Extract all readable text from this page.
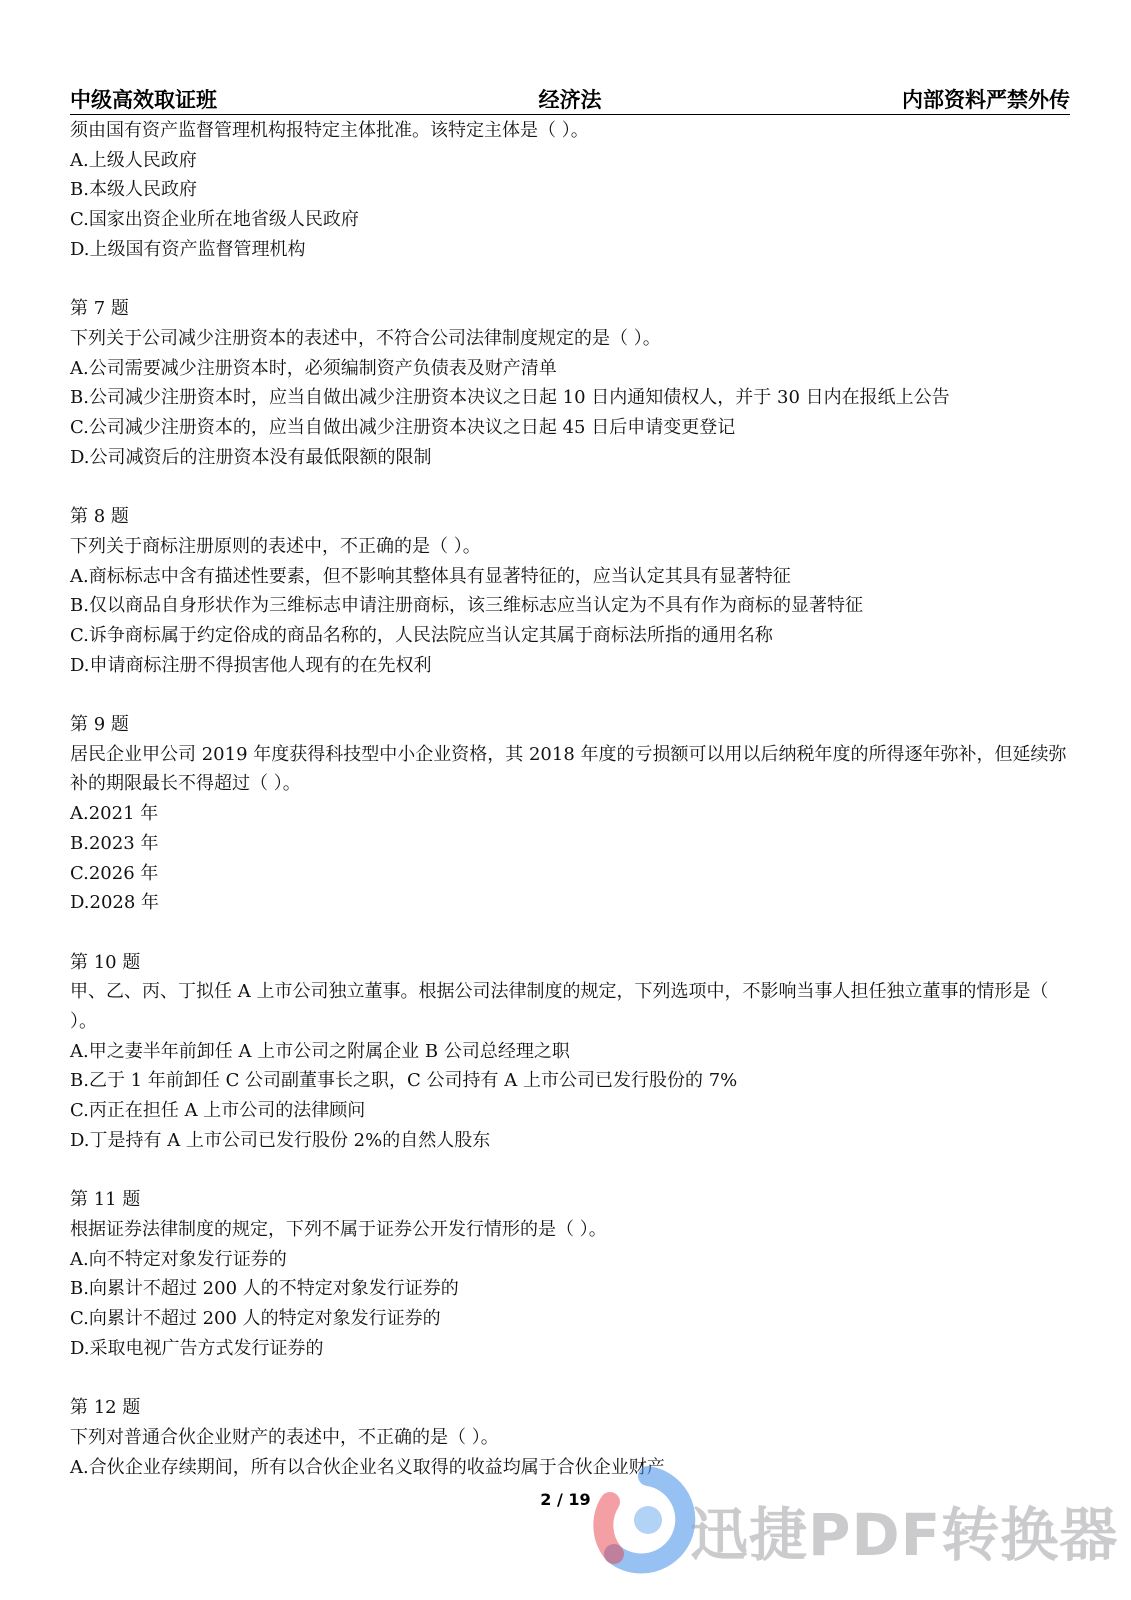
中级高效取证班	经济法	内部资料严禁外传
须由国有资产监督管理机构报特定主体批准。该特定主体是（ ）。
A.上级人民政府
B.本级人民政府
C.国家出资企业所在地省级人民政府
D.上级国有资产监督管理机构
第 7 题
下列关于公司减少注册资本的表述中，不符合公司法律制度规定的是（ ）。
A.公司需要减少注册资本时，必须编制资产负债表及财产清单
B.公司减少注册资本时，应当自做出减少注册资本决议之日起 10 日内通知债权人，并于 30 日内在报纸上公告
C.公司减少注册资本的，应当自做出减少注册资本决议之日起 45 日后申请变更登记
D.公司减资后的注册资本没有最低限额的限制
第 8 题
下列关于商标注册原则的表述中，不正确的是（ ）。
A.商标标志中含有描述性要素，但不影响其整体具有显著特征的，应当认定其具有显著特征
B.仅以商品自身形状作为三维标志申请注册商标，该三维标志应当认定为不具有作为商标的显著特征
C.诉争商标属于约定俗成的商品名称的，人民法院应当认定其属于商标法所指的通用名称
D.申请商标注册不得损害他人现有的在先权利
第 9 题
居民企业甲公司 2019 年度获得科技型中小企业资格，其 2018 年度的亏损额可以用以后纳税年度的所得逐年弥补，但延续弥补的期限最长不得超过（ ）。
A.2021 年
B.2023 年
C.2026 年
D.2028 年
第 10 题
甲、乙、丙、丁拟任 A 上市公司独立董事。根据公司法律制度的规定，下列选项中，不影响当事人担任独立董事的情形是（ ）。
A.甲之妻半年前卸任 A 上市公司之附属企业 B 公司总经理之职
B.乙于 1 年前卸任 C 公司副董事长之职，C 公司持有 A 上市公司已发行股份的 7%
C.丙正在担任 A 上市公司的法律顾问
D.丁是持有 A 上市公司已发行股份 2%的自然人股东
第 11 题
根据证券法律制度的规定，下列不属于证券公开发行情形的是（ ）。
A.向不特定对象发行证券的
B.向累计不超过 200 人的不特定对象发行证券的
C.向累计不超过 200 人的特定对象发行证券的
D.采取电视广告方式发行证券的
第 12 题
下列对普通合伙企业财产的表述中，不正确的是（ ）。
A.合伙企业存续期间，所有以合伙企业名义取得的收益均属于合伙企业财产
2 / 19
迅捷PDF转换器
